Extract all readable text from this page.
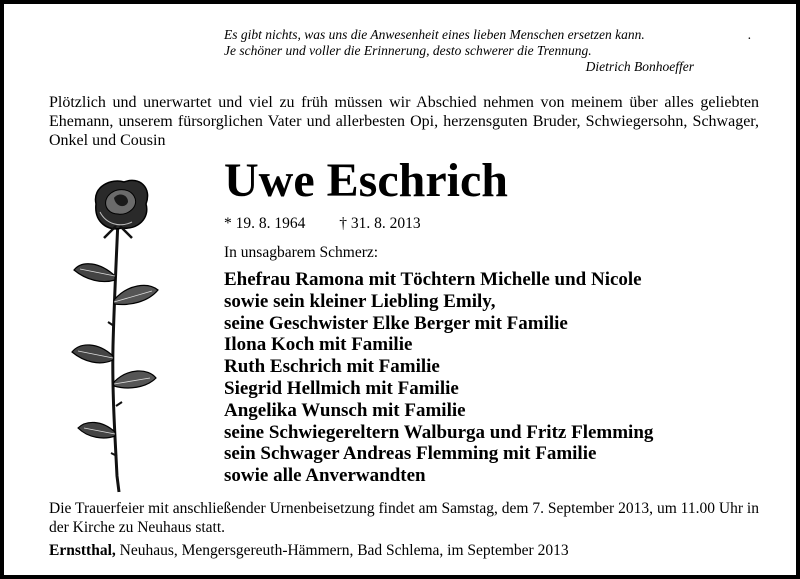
Es gibt nichts, was uns die Anwesenheit eines lieben Menschen ersetzen kann.	.
Je schöner und voller die Erinnerung, desto schwerer die Trennung.
Dietrich Bonhoeffer
Plötzlich und unerwartet und viel zu früh müssen wir Abschied nehmen von meinem über alles geliebten Ehemann, unserem fürsorglichen Vater und allerbesten Opi, herzensguten Bruder, Schwiegersohn, Schwager, Onkel und Cousin
Uwe Eschrich
* 19. 8. 1964 † 31. 8. 2013
In unsagbarem Schmerz:
Ehefrau Ramona mit Töchtern Michelle und Nicole
sowie sein kleiner Liebling Emily,
seine Geschwister Elke Berger mit Familie
Ilona Koch mit Familie
Ruth Eschrich mit Familie
Siegrid Hellmich mit Familie
Angelika Wunsch mit Familie
seine Schwiegereltern Walburga und Fritz Flemming
sein Schwager Andreas Flemming mit Familie
sowie alle Anverwandten
Die Trauerfeier mit anschließender Urnenbeisetzung findet am Samstag, dem 7. September 2013, um 11.00 Uhr in der Kirche zu Neuhaus statt.
Ernstthal, Neuhaus, Mengersgereuth-Hämmern, Bad Schlema, im September 2013
